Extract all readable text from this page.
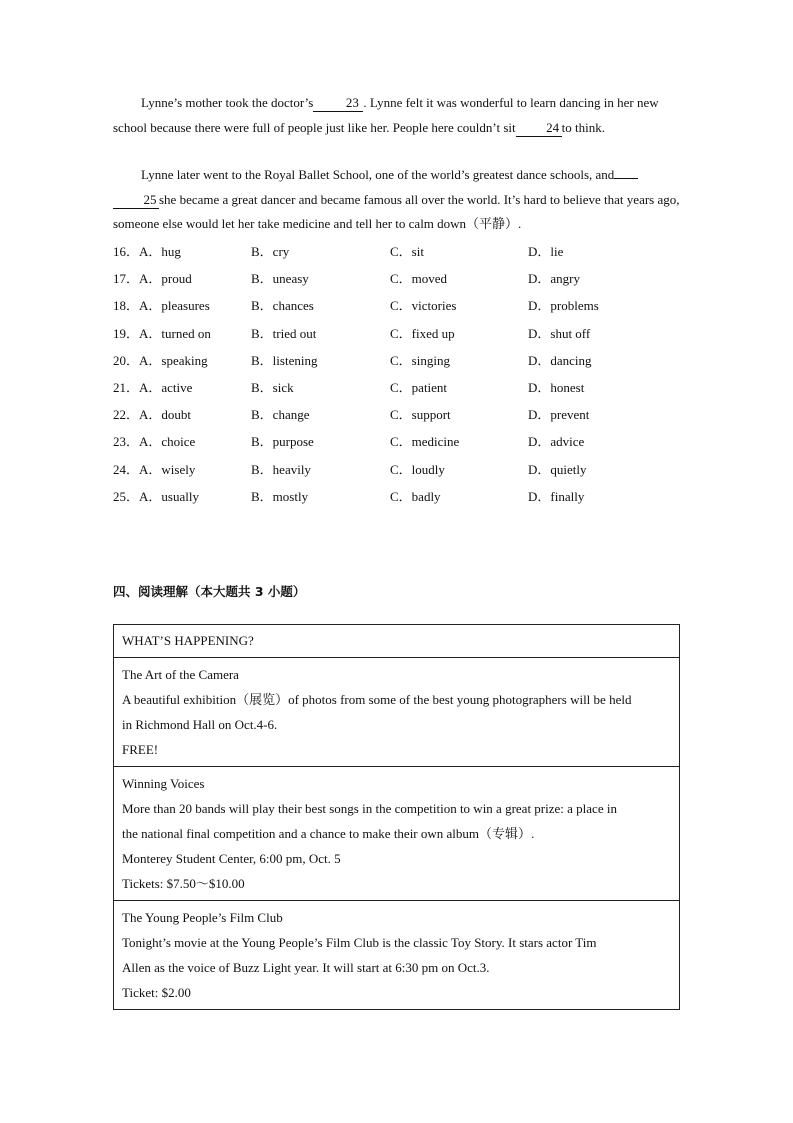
Lynne’s mother took the doctor’s	23 . Lynne felt it was wonderful to learn dancing in her new school because there were full of people just like her. People here couldn’t sit 24 to think.

Lynne later went to the Royal Ballet School, one of the world’s greatest dance schools, and 25 she became a great dancer and became famous all over the world. It’s hard to believe that years ago, someone else would let her take medicine and tell her to calm down（平静）.

16．A．hug	B．cry	C．sit	D．lie
17．A．proud	B．uneasy	C．moved	D．angry
18．A．pleasures	B．chances	C．victories	D．problems
19．A．turned on	B．tried out	C．fixed up	D．shut off
20．A．speaking	B．listening	C．singing	D．dancing
21．A．active	B．sick	C．patient	D．honest
22．A．doubt	B．change	C．support	D．prevent
23．A．choice	B．purpose	C．medicine	D．advice
24．A．wisely	B．heavily	C．loudly	D．quietly
25．A．usually	B．mostly	C．badly	D．finally

四、阅读理解（本大题共 3 小题）

WHAT’S HAPPENING?
The Art of the Camera
A beautiful exhibition（展览）of photos from some of the best young photographers will be held
in Richmond Hall on Oct.4-6.
FREE!
Winning Voices
More than 20 bands will play their best songs in the competition to win a great prize: a place in
the national final competition and a chance to make their own album（专辑）.
Monterey Student Center, 6:00 pm, Oct. 5
Tickets: $7.50～$10.00
The Young People’s Film Club
Tonight’s movie at the Young People’s Film Club is the classic Toy Story. It stars actor Tim
Allen as the voice of Buzz Light year. It will start at 6:30 pm on Oct.3.
Ticket: $2.00
